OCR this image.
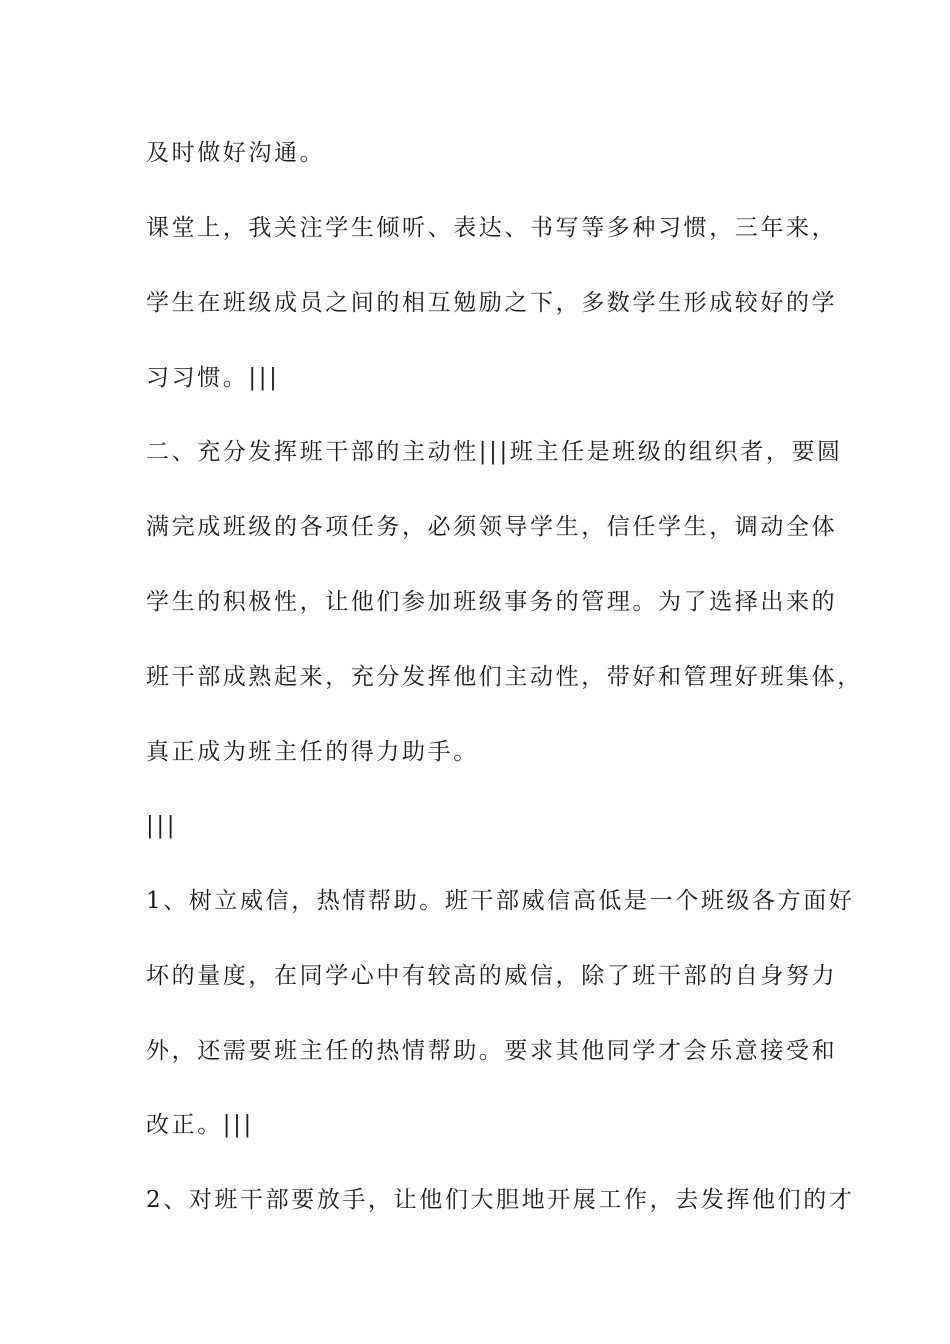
及时做好沟通。

课堂上，我关注学生倾听、表达、书写等多种习惯，三年来，

学生在班级成员之间的相互勉励之下，多数学生形成较好的学

习习惯。|||

二、充分发挥班干部的主动性|||班主任是班级的组织者，要圆

满完成班级的各项任务，必须领导学生，信任学生，调动全体

学生的积极性，让他们参加班级事务的管理。为了选择出来的

班干部成熟起来，充分发挥他们主动性，带好和管理好班集体，

真正成为班主任的得力助手。

|||

1、树立威信，热情帮助。班干部威信高低是一个班级各方面好

坏的量度，在同学心中有较高的威信，除了班干部的自身努力

外，还需要班主任的热情帮助。要求其他同学才会乐意接受和

改正。|||

2、对班干部要放手，让他们大胆地开展工作，去发挥他们的才
